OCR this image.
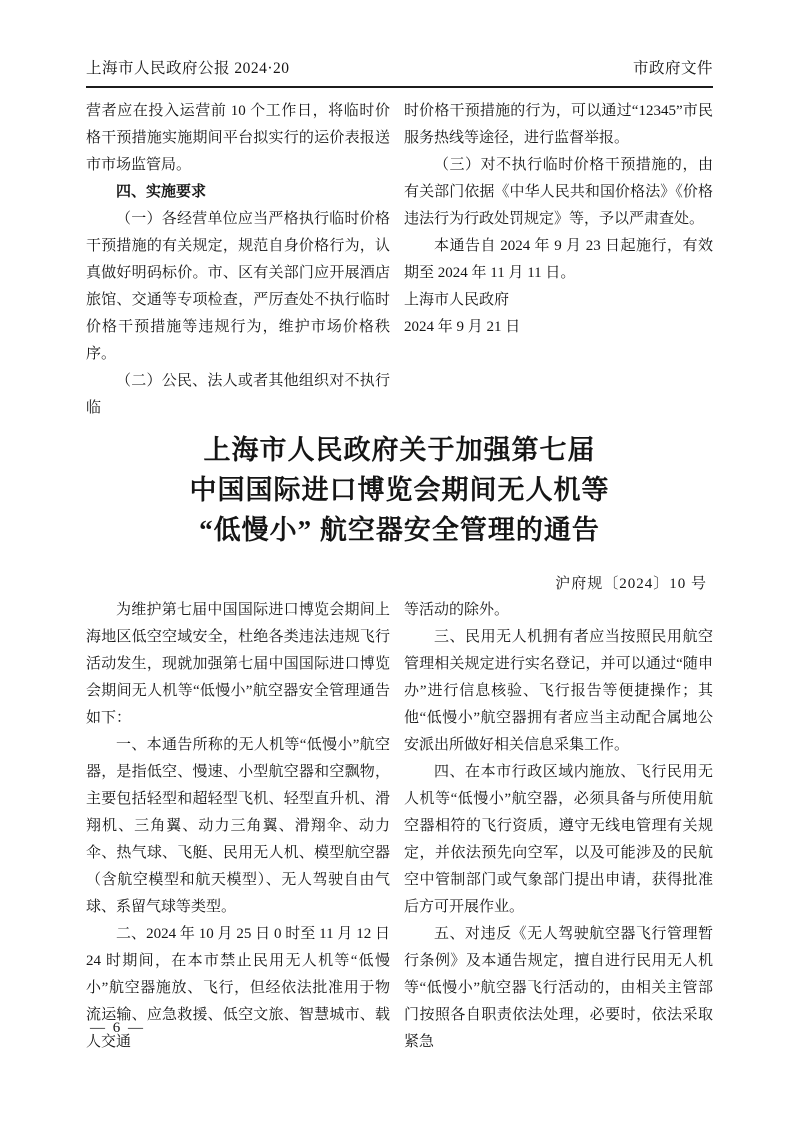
上海市人民政府公报 2024·20	市政府文件

营者应在投入运营前 10 个工作日，将临时价格干预措施实施期间平台拟实行的运价表报送市市场监管局。

四、实施要求

（一）各经营单位应当严格执行临时价格干预措施的有关规定，规范自身价格行为，认真做好明码标价。市、区有关部门应开展酒店旅馆、交通等专项检查，严厉查处不执行临时价格干预措施等违规行为，维护市场价格秩序。

（二）公民、法人或者其他组织对不执行临

时价格干预措施的行为，可以通过“12345”市民服务热线等途径，进行监督举报。

（三）对不执行临时价格干预措施的，由有关部门依据《中华人民共和国价格法》《价格违法行为行政处罚规定》等，予以严肃查处。

本通告自 2024 年 9 月 23 日起施行，有效期至 2024 年 11 月 11 日。

上海市人民政府

2024 年 9 月 21 日

上海市人民政府关于加强第七届
中国国际进口博览会期间无人机等
“低慢小” 航空器安全管理的通告
沪府规〔2024〕10 号

为维护第七届中国国际进口博览会期间上海地区低空空域安全，杜绝各类违法违规飞行活动发生，现就加强第七届中国国际进口博览会期间无人机等“低慢小”航空器安全管理通告如下：

一、本通告所称的无人机等“低慢小”航空器，是指低空、慢速、小型航空器和空飘物，主要包括轻型和超轻型飞机、轻型直升机、滑翔机、三角翼、动力三角翼、滑翔伞、动力伞、热气球、飞艇、民用无人机、模型航空器（含航空模型和航天模型）、无人驾驶自由气球、系留气球等类型。

二、2024 年 10 月 25 日 0 时至 11 月 12 日 24 时期间，在本市禁止民用无人机等“低慢小”航空器施放、飞行，但经依法批准用于物流运输、应急救援、低空文旅、智慧城市、载人交通

等活动的除外。

三、民用无人机拥有者应当按照民用航空管理相关规定进行实名登记，并可以通过“随申办”进行信息核验、飞行报告等便捷操作；其他“低慢小”航空器拥有者应当主动配合属地公安派出所做好相关信息采集工作。

四、在本市行政区域内施放、飞行民用无人机等“低慢小”航空器，必须具备与所使用航空器相符的飞行资质，遵守无线电管理有关规定，并依法预先向空军，以及可能涉及的民航空中管制部门或气象部门提出申请，获得批准后方可开展作业。

五、对违反《无人驾驶航空器飞行管理暂行条例》及本通告规定，擅自进行民用无人机等“低慢小”航空器飞行活动的，由相关主管部门按照各自职责依法处理，必要时，依法采取紧急

— 6 —
